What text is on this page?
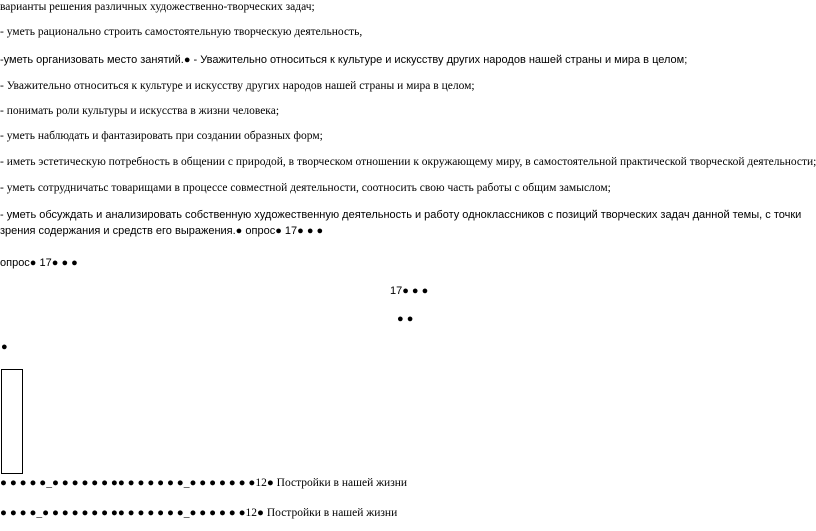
варианты решения различных художественно-творческих задач;
- уметь рационально строить самостоятельную творческую деятельность,
-уметь организовать место занятий.● - Уважительно относиться к культуре и искусству других народов нашей страны и мира в целом;
- Уважительно относиться к культуре и искусству других народов нашей страны и мира в целом;
- понимать роли культуры и искусства в жизни человека;
- уметь наблюдать и фантазировать при создании образных форм;
- иметь эстетическую потребность в общении с природой, в творческом отношении к окружающему миру, в самостоятельной практической творческой деятельности;
- уметь сотрудничатьс товарищами в процессе совместной деятельности, соотносить свою часть работы с общим замыслом;
- уметь обсуждать и анализировать собственную художественную деятельность и работу одноклассников с позиций творческих задач данной темы, с точки зрения содержания и средств его выражения.● опрос● 17● ● ●
опрос● 17● ● ●
17● ● ●
● ●
●
● ● ● ● ●_● ● ● ● ● ● ●● ● ● ● ● ● ●_● ● ● ● ● ● ●12● Постройки в нашей жизни
● ● ● ●_● ● ● ● ● ● ● ●● ● ● ● ● ● ●_● ● ● ● ● ●12● Постройки в нашей жизни
